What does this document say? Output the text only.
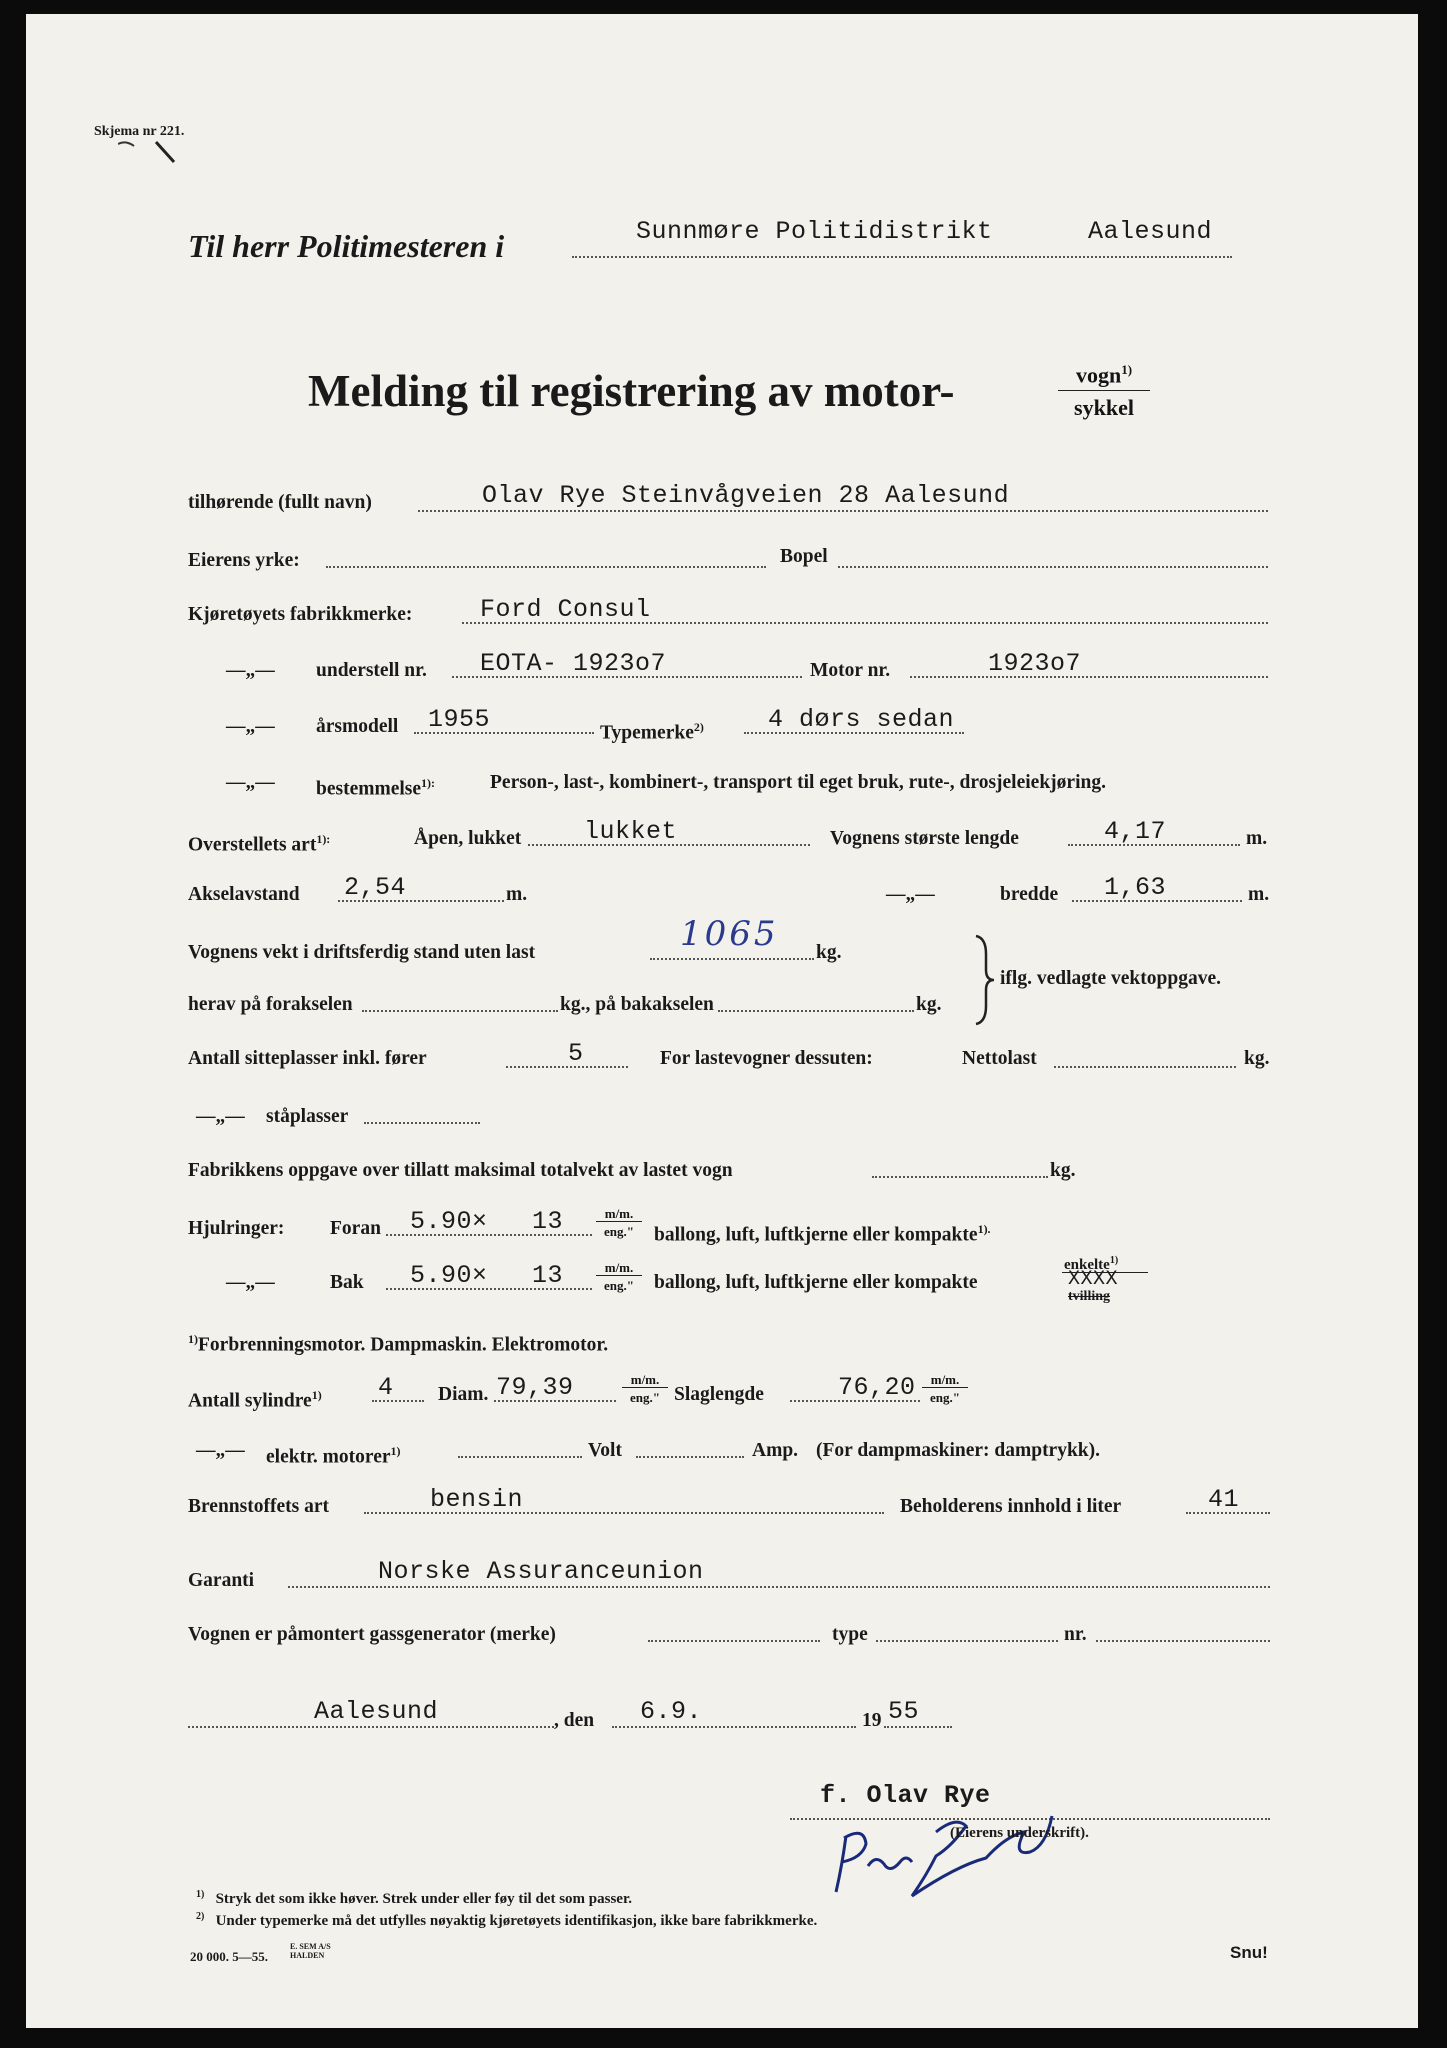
Skjema nr 221.
Til herr Politimesteren i	Sunnmøre Politidistrikt	Aalesund
Melding til registrering av motor-	vogn$^{1)}$
sykkel
tilhørende (fullt navn)	Olav Rye Steinvågveien 28 Aalesund
Eierens yrke:	Bopel
Kjøretøyets fabrikkmerke:	Ford Consul
—„— understell nr. EOTA- 1923o7	Motor nr.	1923o7
—„— årsmodell 1955	Typemerke$^{2)}$	4 dørs sedan
—„— bestemmelse$^{1):}$	Person-, last-, kombinert-, transport til eget bruk, rute-, drosjeleiekjøring.
Overstellets art$^{1):}$	Åpen, lukket	lukket	Vognens største lengde	4,17	m.
Akselavstand 2,54	m.	—„—	bredde 1,63	m.
Vognens vekt i driftsferdig stand uten last	1065 kg.
herav på forakselen	kg., på bakakselen	kg.
iflg. vedlagte vektoppgave.
Antall sitteplasser inkl. fører	5	For lastevogner dessuten:	Nettolast	kg.
—„— ståplasser
Fabrikkens oppgave over tillatt maksimal totalvekt av lastet vogn	kg.
Hjulringer: Foran 5.90× 13	m/m.
eng."	ballong, luft, luftkjerne eller kompakte$^{1).}$
—„—	Bak 5.90× 13	m/m.
eng."	ballong, luft, luftkjerne eller kompakte
enkelte$^{1)}$
tvilling
XXXX
$^{1)}$Forbrenningsmotor. Dampmaskin. Elektromotor.
Antall sylindre$^{1)}$ 4 Diam. 79,39	m/m.
eng." Slaglengde	76,20	m/m.
eng."
—„— elektr. motorer$^{1)}$	Volt	Amp. (For dampmaskiner: damptrykk).
Brennstoffets art	bensin	Beholderens innhold i liter	41
Garanti	Norske Assuranceunion
Vognen er påmontert gassgenerator (merke)	type	nr.
Aalesund	, den 6.9.	19 55
f. Olav Rye
(Eierens underskrift).
$^{1)}$ Stryk det som ikke høver. Strek under eller føy til det som passer.
$^{2)}$ Under typemerke må det utfylles nøyaktig kjøretøyets identifikasjon, ikke bare fabrikkmerke.
20 000. 5—55.
E. SEM A/S HALDEN	Snu!
